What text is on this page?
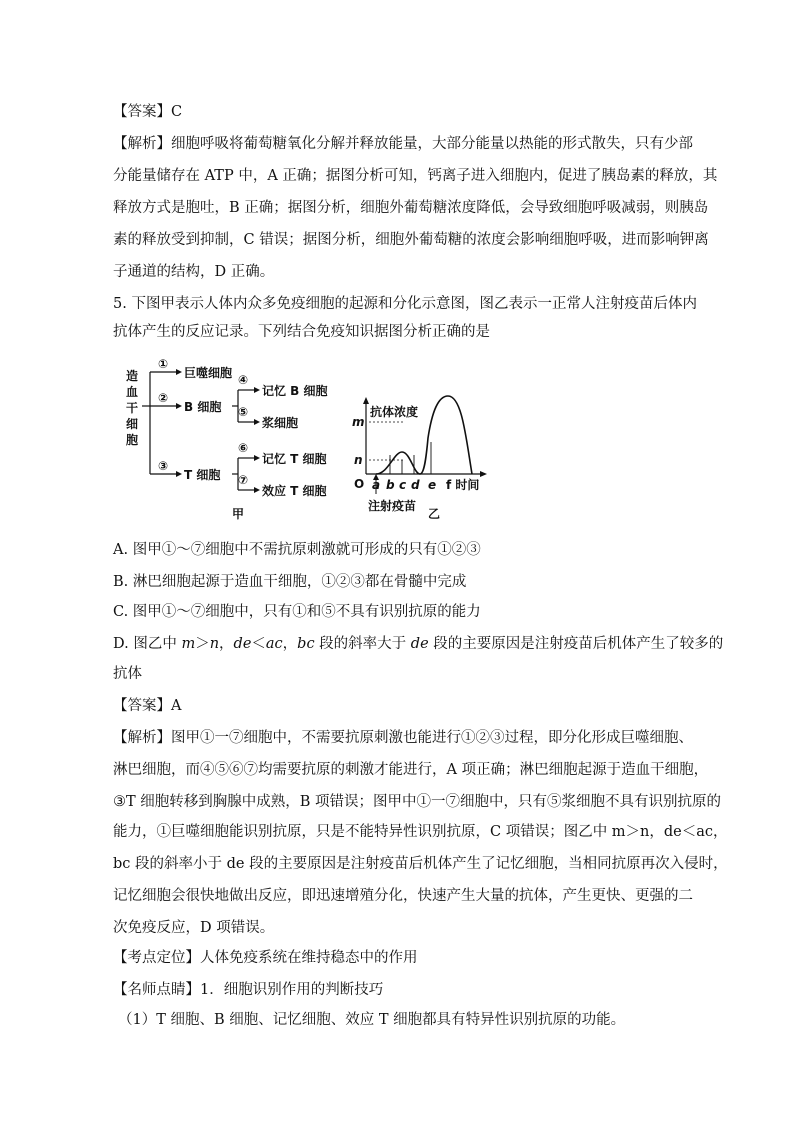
【答案】C
【解析】细胞呼吸将葡萄糖氧化分解并释放能量，大部分能量以热能的形式散失，只有少部
分能量储存在 ATP 中，A 正确；据图分析可知，钙离子进入细胞内，促进了胰岛素的释放，其
释放方式是胞吐，B 正确；据图分析，细胞外葡萄糖浓度降低，会导致细胞呼吸减弱，则胰岛
素的释放受到抑制，C 错误；据图分析，细胞外葡萄糖的浓度会影响细胞呼吸，进而影响钾离
子通道的结构，D 正确。
5. 下图甲表示人体内众多免疫细胞的起源和分化示意图，图乙表示一正常人注射疫苗后体内
抗体产生的反应记录。下列结合免疫知识据图分析正确的是
造
血
干
细
胞
①
巨噬细胞
②
B 细胞
③
T 细胞
④
记忆 B 细胞
⑤
浆细胞
⑥
记忆 T 细胞
⑦
效应 T 细胞
甲
抗体浓度
m
n
O a b c d e f 时间
注射疫苗
乙
A. 图甲①～⑦细胞中不需抗原刺激就可形成的只有①②③
B. 淋巴细胞起源于造血干细胞，①②③都在骨髓中完成
C. 图甲①～⑦细胞中，只有①和⑤不具有识别抗原的能力
D. 图乙中 m＞n，de＜ac，bc 段的斜率大于 de 段的主要原因是注射疫苗后机体产生了较多的
抗体
【答案】A
【解析】图甲①一⑦细胞中，不需要抗原刺激也能进行①②③过程，即分化形成巨噬细胞、
淋巴细胞，而④⑤⑥⑦均需要抗原的刺激才能进行，A 项正确；淋巴细胞起源于造血干细胞，
③T 细胞转移到胸腺中成熟，B 项错误；图甲中①一⑦细胞中，只有⑤浆细胞不具有识别抗原的
能力，①巨噬细胞能识别抗原，只是不能特异性识别抗原，C 项错误；图乙中 m＞n，de＜ac，
bc 段的斜率小于 de 段的主要原因是注射疫苗后机体产生了记忆细胞，当相同抗原再次入侵时，
记忆细胞会很快地做出反应，即迅速增殖分化，快速产生大量的抗体，产生更快、更强的二
次免疫反应，D 项错误。
【考点定位】人体免疫系统在维持稳态中的作用
【名师点睛】1．细胞识别作用的判断技巧
（1）T 细胞、B 细胞、记忆细胞、效应 T 细胞都具有特异性识别抗原的功能。
